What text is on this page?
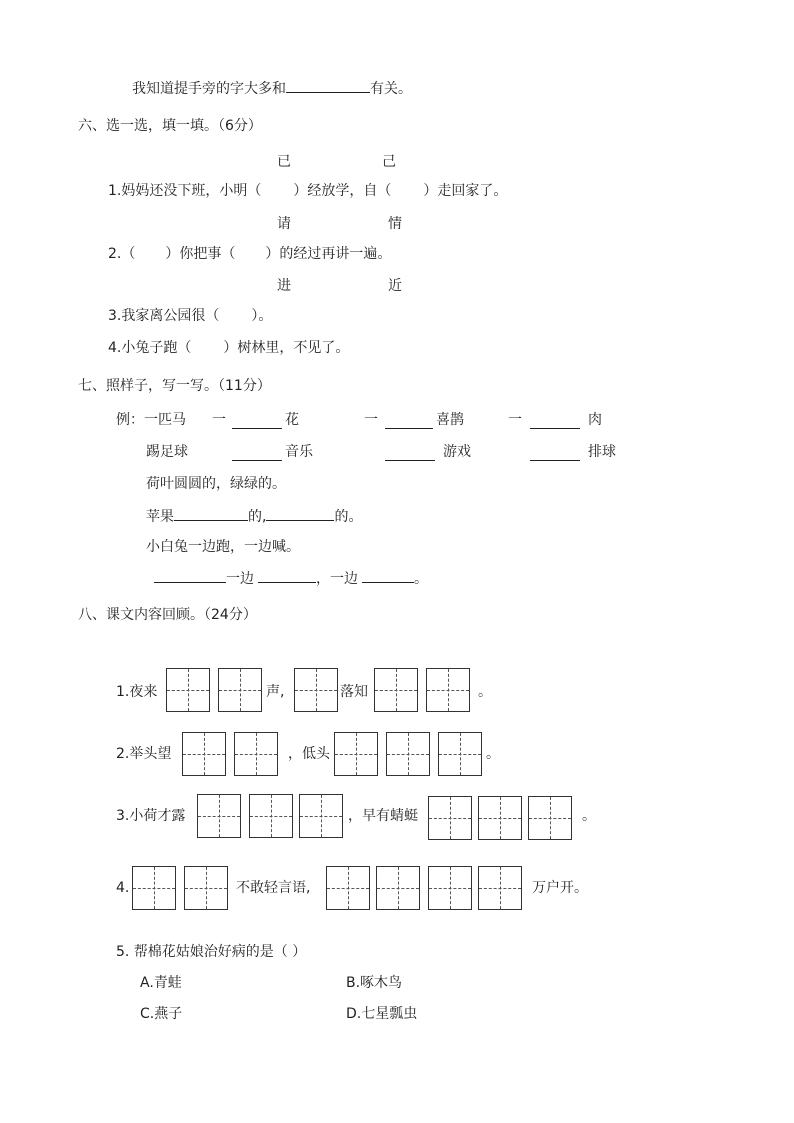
我知道提手旁的字大多和	有关。
六、选一选，填一填。（6分）
已	己
1.妈妈还没下班，小明（ ）经放学，自（ ）走回家了。
请	情
2.（ ）你把事（ ）的经过再讲一遍。
进	近
3.我家离公园很（ ）。
4.小兔子跑（ ）树林里，不见了。
七、照样子，写一写。（11分）
例：一匹马 一	花	一	喜鹊	一	肉
踢足球	音乐	游戏	排球
荷叶圆圆的，绿绿的。
苹果	的,	的。
小白兔一边跑，一边喊。
一边	，一边	。
八、课文内容回顾。（24分）
1.夜来	声,	落知	。
2.举头望	，低头	。
3.小荷才露	，早有蜻蜓	。
4.	不敢轻言语,	万户开。
5. 帮棉花姑娘治好病的是（ ）
A.青蛙	B.啄木鸟
C.燕子	D.七星瓢虫
